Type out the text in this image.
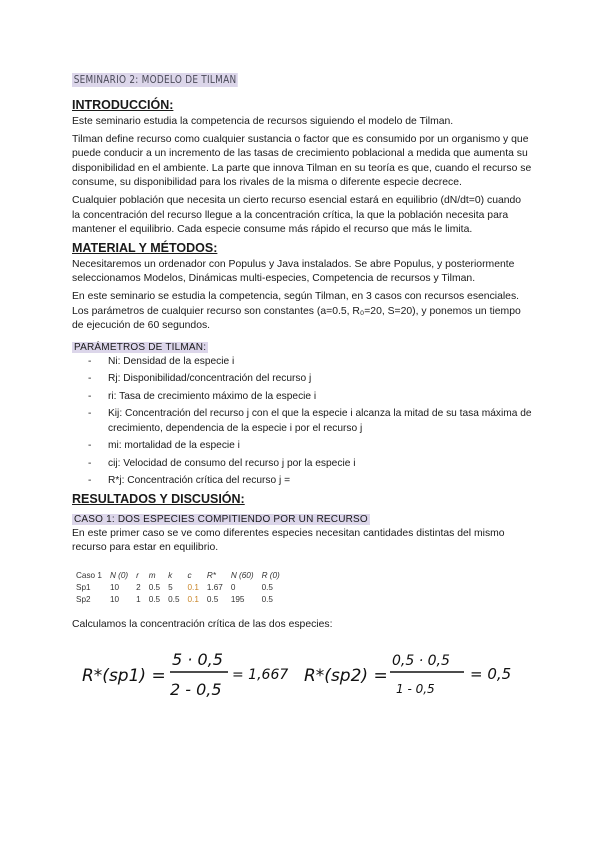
SEMINARIO 2: MODELO DE TILMAN
INTRODUCCIÓN:

Este seminario estudia la competencia de recursos siguiendo el modelo de Tilman.

Tilman define recurso como cualquier sustancia o factor que es consumido por un organismo y que puede conducir a un incremento de las tasas de crecimiento poblacional a medida que aumenta su disponibilidad en el ambiente. La parte que innova Tilman en su teoría es que, cuando el recurso se consume, su disponibilidad para los rivales de la misma o diferente especie decrece.

Cualquier población que necesita un cierto recurso esencial estará en equilibrio (dN/dt=0) cuando la concentración del recurso llegue a la concentración crítica, la que la población necesita para mantener el equilibrio. Cada especie consume más rápido el recurso que más le limita.

MATERIAL Y MÉTODOS:

Necesitaremos un ordenador con Populus y Java instalados. Se abre Populus, y posteriormente seleccionamos Modelos, Dinámicas multi-especies, Competencia de recursos y Tilman.

En este seminario se estudia la competencia, según Tilman, en 3 casos con recursos esenciales. Los parámetros de cualquier recurso son constantes (a=0.5, R₀=20, S=20), y ponemos un tiempo de ejecución de 60 segundos.

PARÁMETROS DE TILMAN:
- Ni: Densidad de la especie i
- Rj: Disponibilidad/concentración del recurso j
- ri: Tasa de crecimiento máximo de la especie i
- Kij: Concentración del recurso j con el que la especie i alcanza la mitad de su tasa máxima de crecimiento, dependencia de la especie i por el recurso j
- mi: mortalidad de la especie i
- cij: Velocidad de consumo del recurso j por la especie i
- R*j: Concentración crítica del recurso j =
RESULTADOS Y DISCUSIÓN:
CASO 1: DOS ESPECIES COMPITIENDO POR UN RECURSO

En este primer caso se ve como diferentes especies necesitan cantidades distintas del mismo recurso para estar en equilibrio.

Caso 1	N (0)	r	m	k	c	R*	N (60)	R (0)
Sp1	10	2	0.5	5	0.1	1.67	0	0.5
Sp2	10	1	0.5	0.5	0.1	0.5	195	0.5

Calculamos la concentración crítica de las dos especies:

R*(sp1) =
5 · 0,5
2 - 0,5
= 1,667 R*(sp2) =
0,5 · 0,5
1 - 0,5
= 0,5
